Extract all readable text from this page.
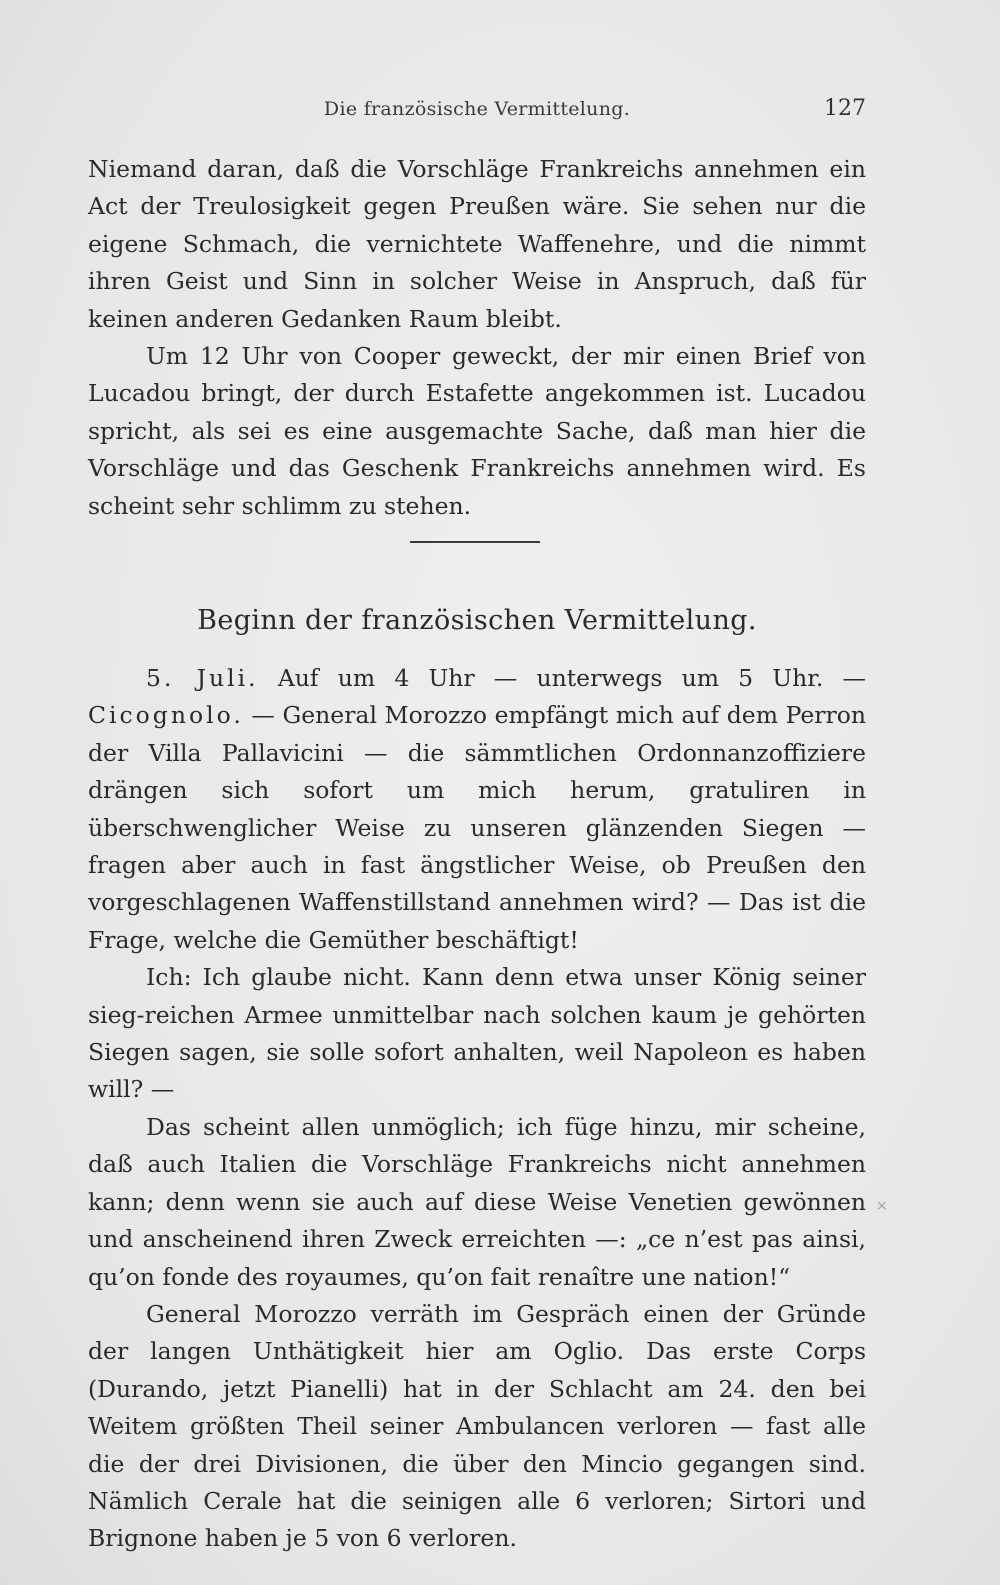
Die französische Vermittelung.	127

Niemand daran, daß die Vorschläge Frankreichs annehmen ein Act der Treulosigkeit gegen Preußen wäre. Sie sehen nur die eigene Schmach, die vernichtete Waffenehre, und die nimmt ihren Geist und Sinn in solcher Weise in Anspruch, daß für keinen anderen Gedanken Raum bleibt.

Um 12 Uhr von Cooper geweckt, der mir einen Brief von Lucadou bringt, der durch Estafette angekommen ist. Lucadou spricht, als sei es eine ausgemachte Sache, daß man hier die Vorschläge und das Geschenk Frankreichs annehmen wird. Es scheint sehr schlimm zu stehen.

Beginn der französischen Vermittelung.

5. Juli. Auf um 4 Uhr — unterwegs um 5 Uhr. — Cicognolo. — General Morozzo empfängt mich auf dem Perron der Villa Pallavicini — die sämmtlichen Ordonnanzoffiziere drängen sich sofort um mich herum, gratuliren in überschwenglicher Weise zu unseren glänzenden Siegen — fragen aber auch in fast ängstlicher Weise, ob Preußen den vorgeschlagenen Waffenstillstand annehmen wird? — Das ist die Frage, welche die Gemüther beschäftigt!

Ich: Ich glaube nicht. Kann denn etwa unser König seiner sieg-reichen Armee unmittelbar nach solchen kaum je gehörten Siegen sagen, sie solle sofort anhalten, weil Napoleon es haben will? —

Das scheint allen unmöglich; ich füge hinzu, mir scheine, daß auch Italien die Vorschläge Frankreichs nicht annehmen kann; denn wenn sie auch auf diese Weise Venetien gewönnen und anscheinend ihren Zweck erreichten —: „ce n’est pas ainsi, qu’on fonde des royaumes, qu’on fait renaître une nation!“

General Morozzo verräth im Gespräch einen der Gründe der langen Unthätigkeit hier am Oglio. Das erste Corps (Durando, jetzt Pianelli) hat in der Schlacht am 24. den bei Weitem größten Theil seiner Ambulancen verloren — fast alle die der drei Divisionen, die über den Mincio gegangen sind. Nämlich Cerale hat die seinigen alle 6 verloren; Sirtori und Brignone haben je 5 von 6 verloren.

×
